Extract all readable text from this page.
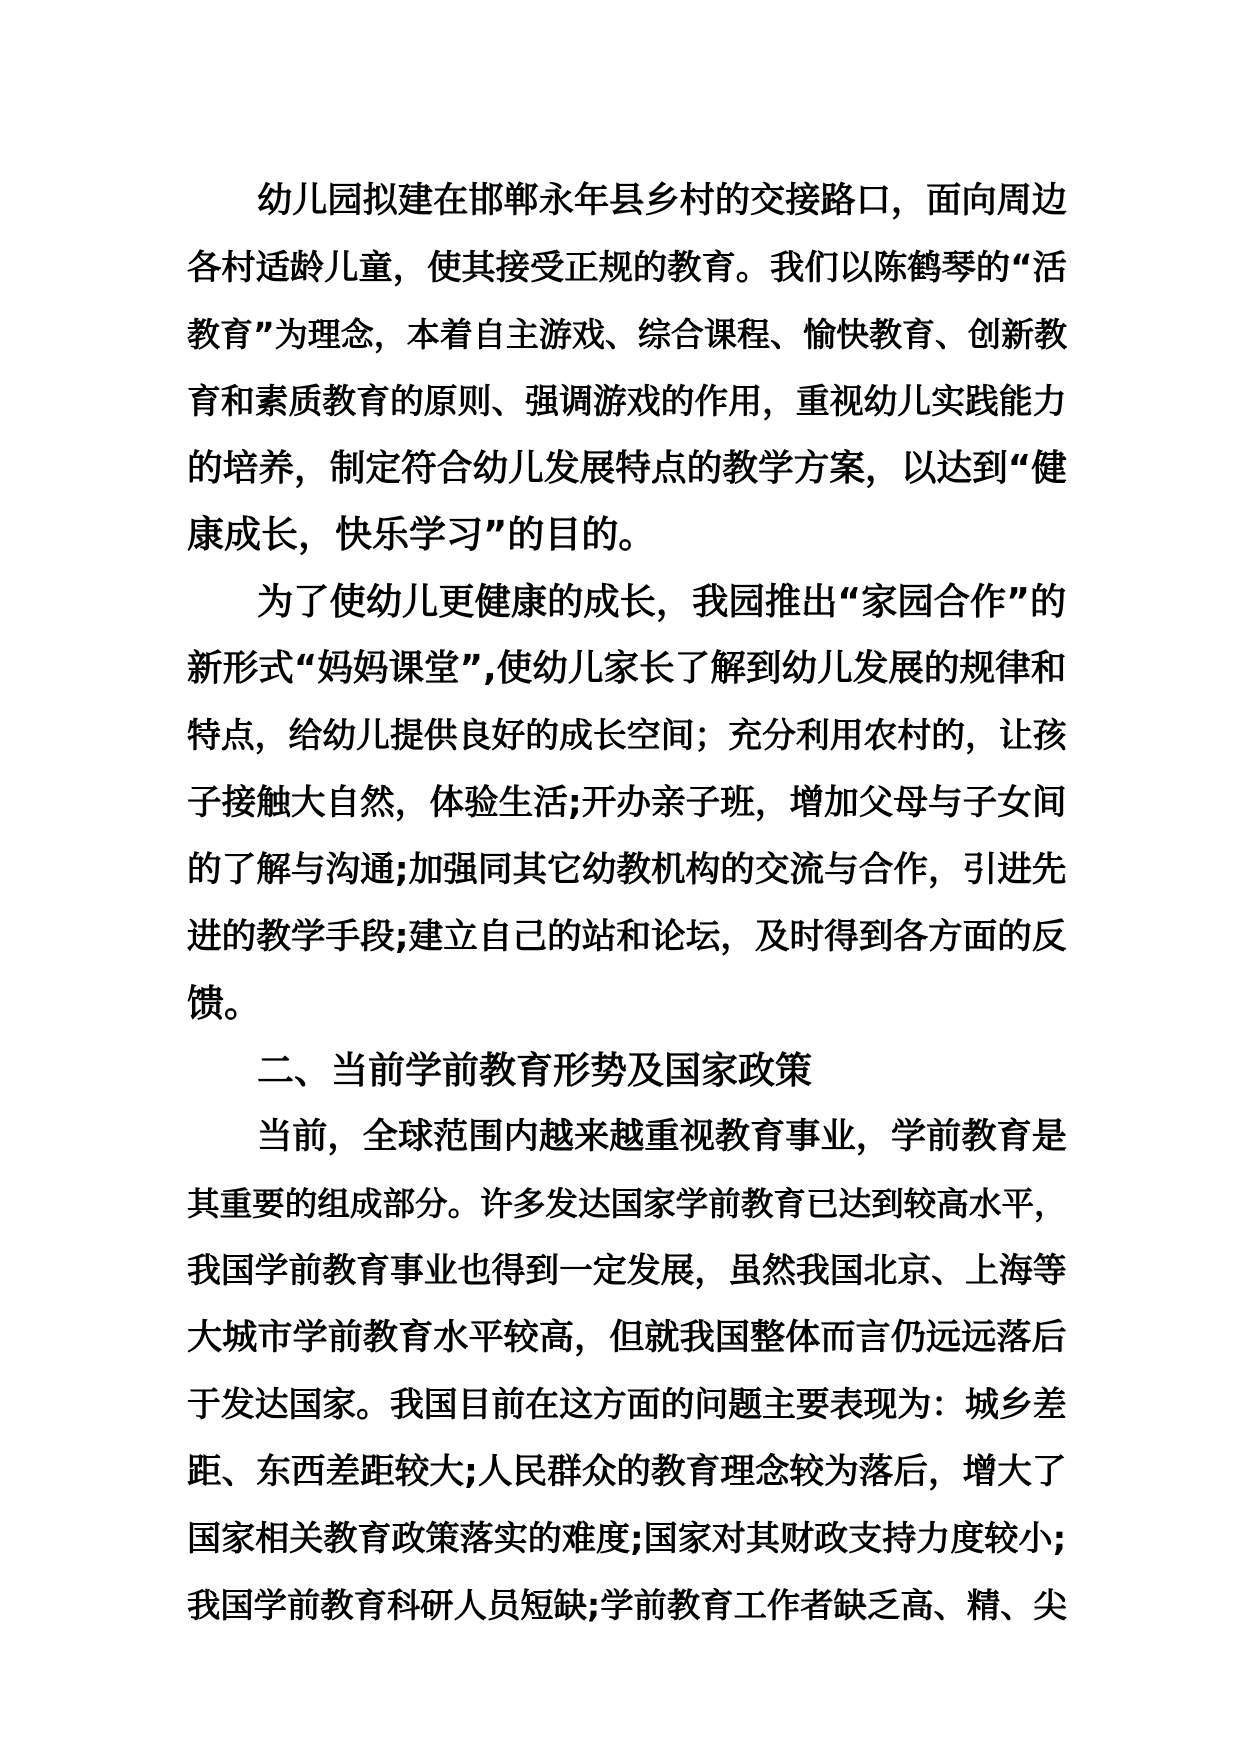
幼儿园拟建在邯郸永年县乡村的交接路口，面向周边
各村适龄儿童，使其接受正规的教育。我们以陈鹤琴的“活
教育”为理念，本着自主游戏、综合课程、愉快教育、创新教
育和素质教育的原则、强调游戏的作用，重视幼儿实践能力
的培养，制定符合幼儿发展特点的教学方案，以达到“健
康成长，快乐学习”的目的。
为了使幼儿更健康的成长，我园推出“家园合作”的
新形式“妈妈课堂”,使幼儿家长了解到幼儿发展的规律和
特点，给幼儿提供良好的成长空间；充分利用农村的，让孩
子接触大自然，体验生活;开办亲子班，增加父母与子女间
的了解与沟通;加强同其它幼教机构的交流与合作，引进先
进的教学手段;建立自己的站和论坛，及时得到各方面的反
馈。
二、当前学前教育形势及国家政策
当前，全球范围内越来越重视教育事业，学前教育是
其重要的组成部分。许多发达国家学前教育已达到较高水平，
我国学前教育事业也得到一定发展，虽然我国北京、上海等
大城市学前教育水平较高，但就我国整体而言仍远远落后
于发达国家。我国目前在这方面的问题主要表现为：城乡差
距、东西差距较大;人民群众的教育理念较为落后，增大了
国家相关教育政策落实的难度;国家对其财政支持力度较小;
我国学前教育科研人员短缺;学前教育工作者缺乏高、精、尖
